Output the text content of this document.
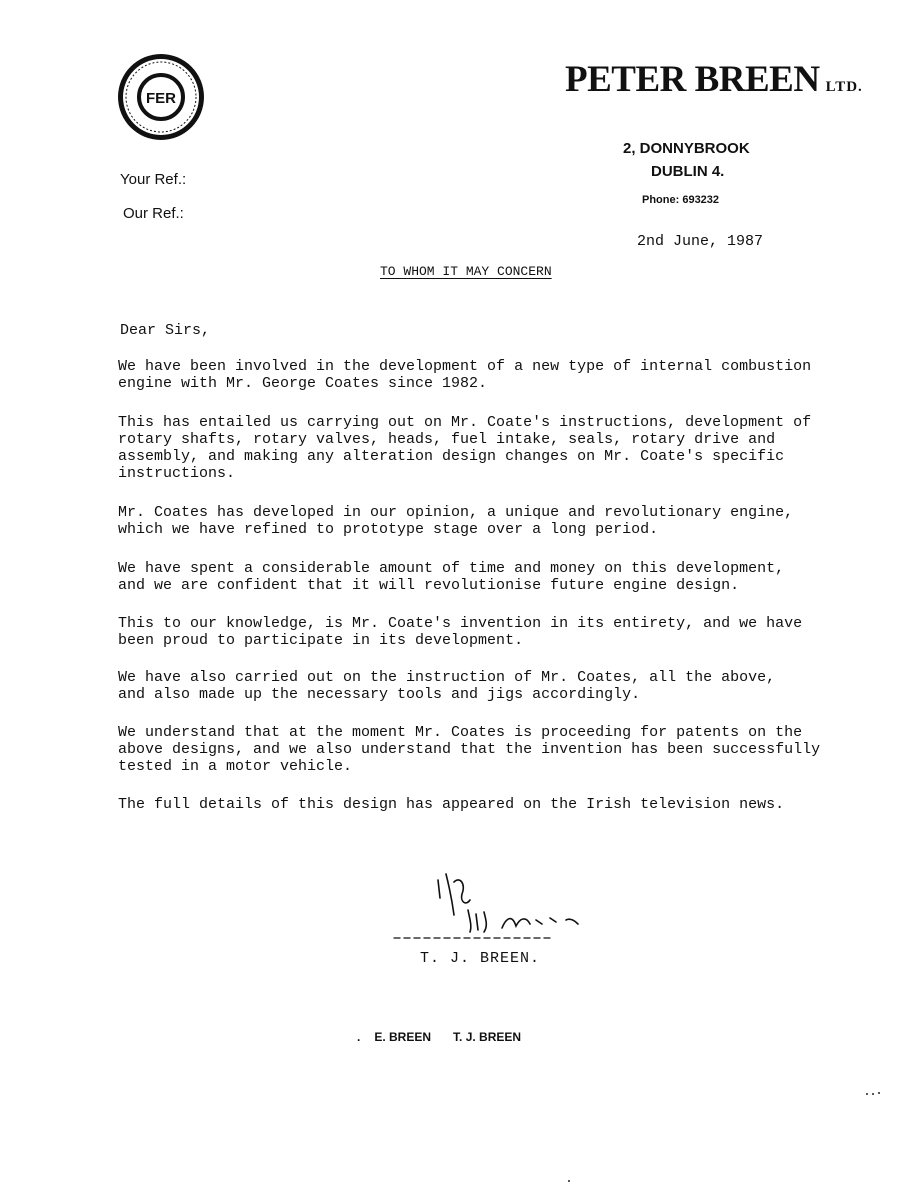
FER	PETER BREEN LTD.
2, DONNYBROOK
DUBLIN 4.
Phone: 693232
Your Ref.:
Our Ref.:
2nd June, 1987
TO WHOM IT MAY CONCERN
Dear Sirs,
We have been involved in the development of a new type of internal combustion
engine with Mr. George Coates since 1982.
This has entailed us carrying out on Mr. Coate's instructions, development of
rotary shafts, rotary valves, heads, fuel intake, seals, rotary drive and
assembly, and making any alteration design changes on Mr. Coate's specific
instructions.
Mr. Coates has developed in our opinion, a unique and revolutionary engine,
which we have refined to prototype stage over a long period.
We have spent a considerable amount of time and money on this development,
and we are confident that it will revolutionise future engine design.
This to our knowledge, is Mr. Coate's invention in its entirety, and we have
been proud to participate in its development.
We have also carried out on the instruction of Mr. Coates, all the above,
and also made up the necessary tools and jigs accordingly.
We understand that at the moment Mr. Coates is proceeding for patents on the
above designs, and we also understand that the invention has been successfully
tested in a motor vehicle.
The full details of this design has appeared on the Irish television news.
T. J. BREEN.
. E. BREEN T. J. BREEN
